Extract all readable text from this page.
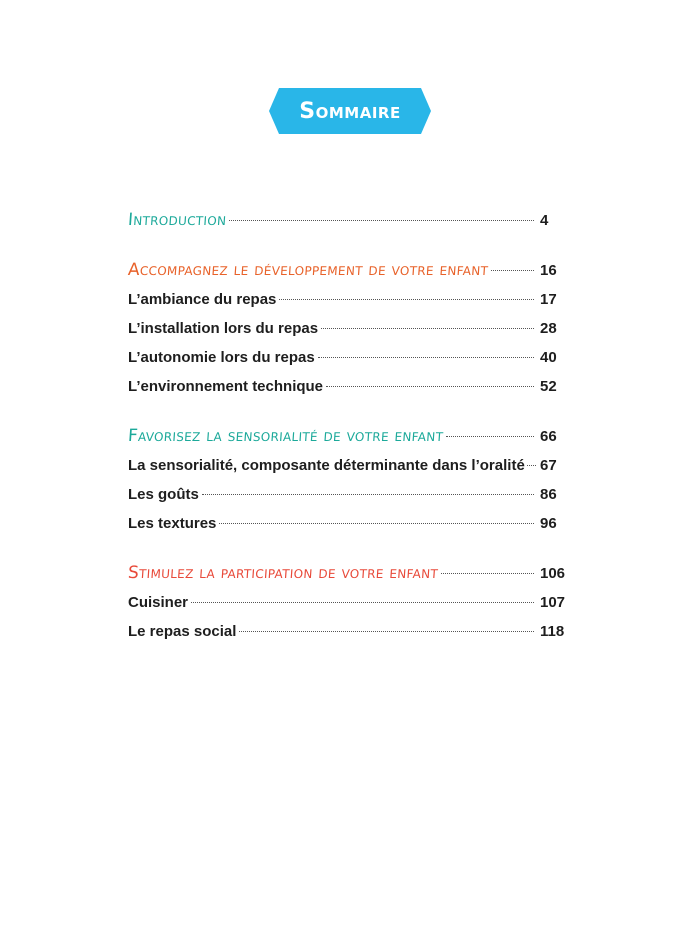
Sommaire
Introduction	4
Accompagnez le développement de votre enfant	16
L’ambiance du repas	17
L’installation lors du repas	28
L’autonomie lors du repas	40
L’environnement technique	52
Favorisez la sensorialité de votre enfant	66
La sensorialité, composante déterminante dans l’oralité 67
Les goûts	86
Les textures	96
Stimulez la participation de votre enfant	106
Cuisiner	107
Le repas social	118
